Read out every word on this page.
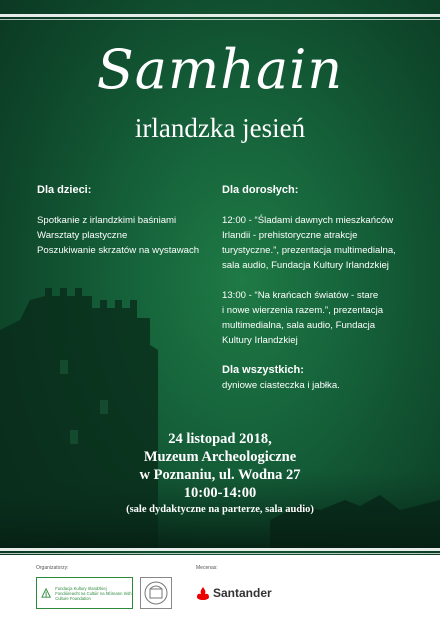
Samhain
irlandzka jesień
Dla dzieci:

Spotkanie z irlandzkimi baśniami

Warsztaty plastyczne

Poszukiwanie skrzatów na wystawach

Dla dorosłych:

12:00 - “Śladami dawnych mieszkańców

Irlandii - prehistoryczne atrakcje

turystyczne.”, prezentacja multimedialna,

sala audio, Fundacja Kultury Irlandzkiej

13:00 - “Na krańcach światów - stare

i nowe wierzenia razem.”, prezentacja

multimedialna, sala audio, Fundacja

Kultury Irlandzkiej

Dla wszystkich:

dyniowe ciasteczka i jabłka.

24 listopad 2018,
Muzeum Archeologiczne
w Poznaniu, ul. Wodna 27
10:00-14:00
(sale dydaktyczne na parterze, sala audio)
Organizatorzy:	Mecenas:
Fundacja Kultury Irlandzkiej Fondúireacht na Cultúir na hÉireann Irish Culture Foundation	Santander
